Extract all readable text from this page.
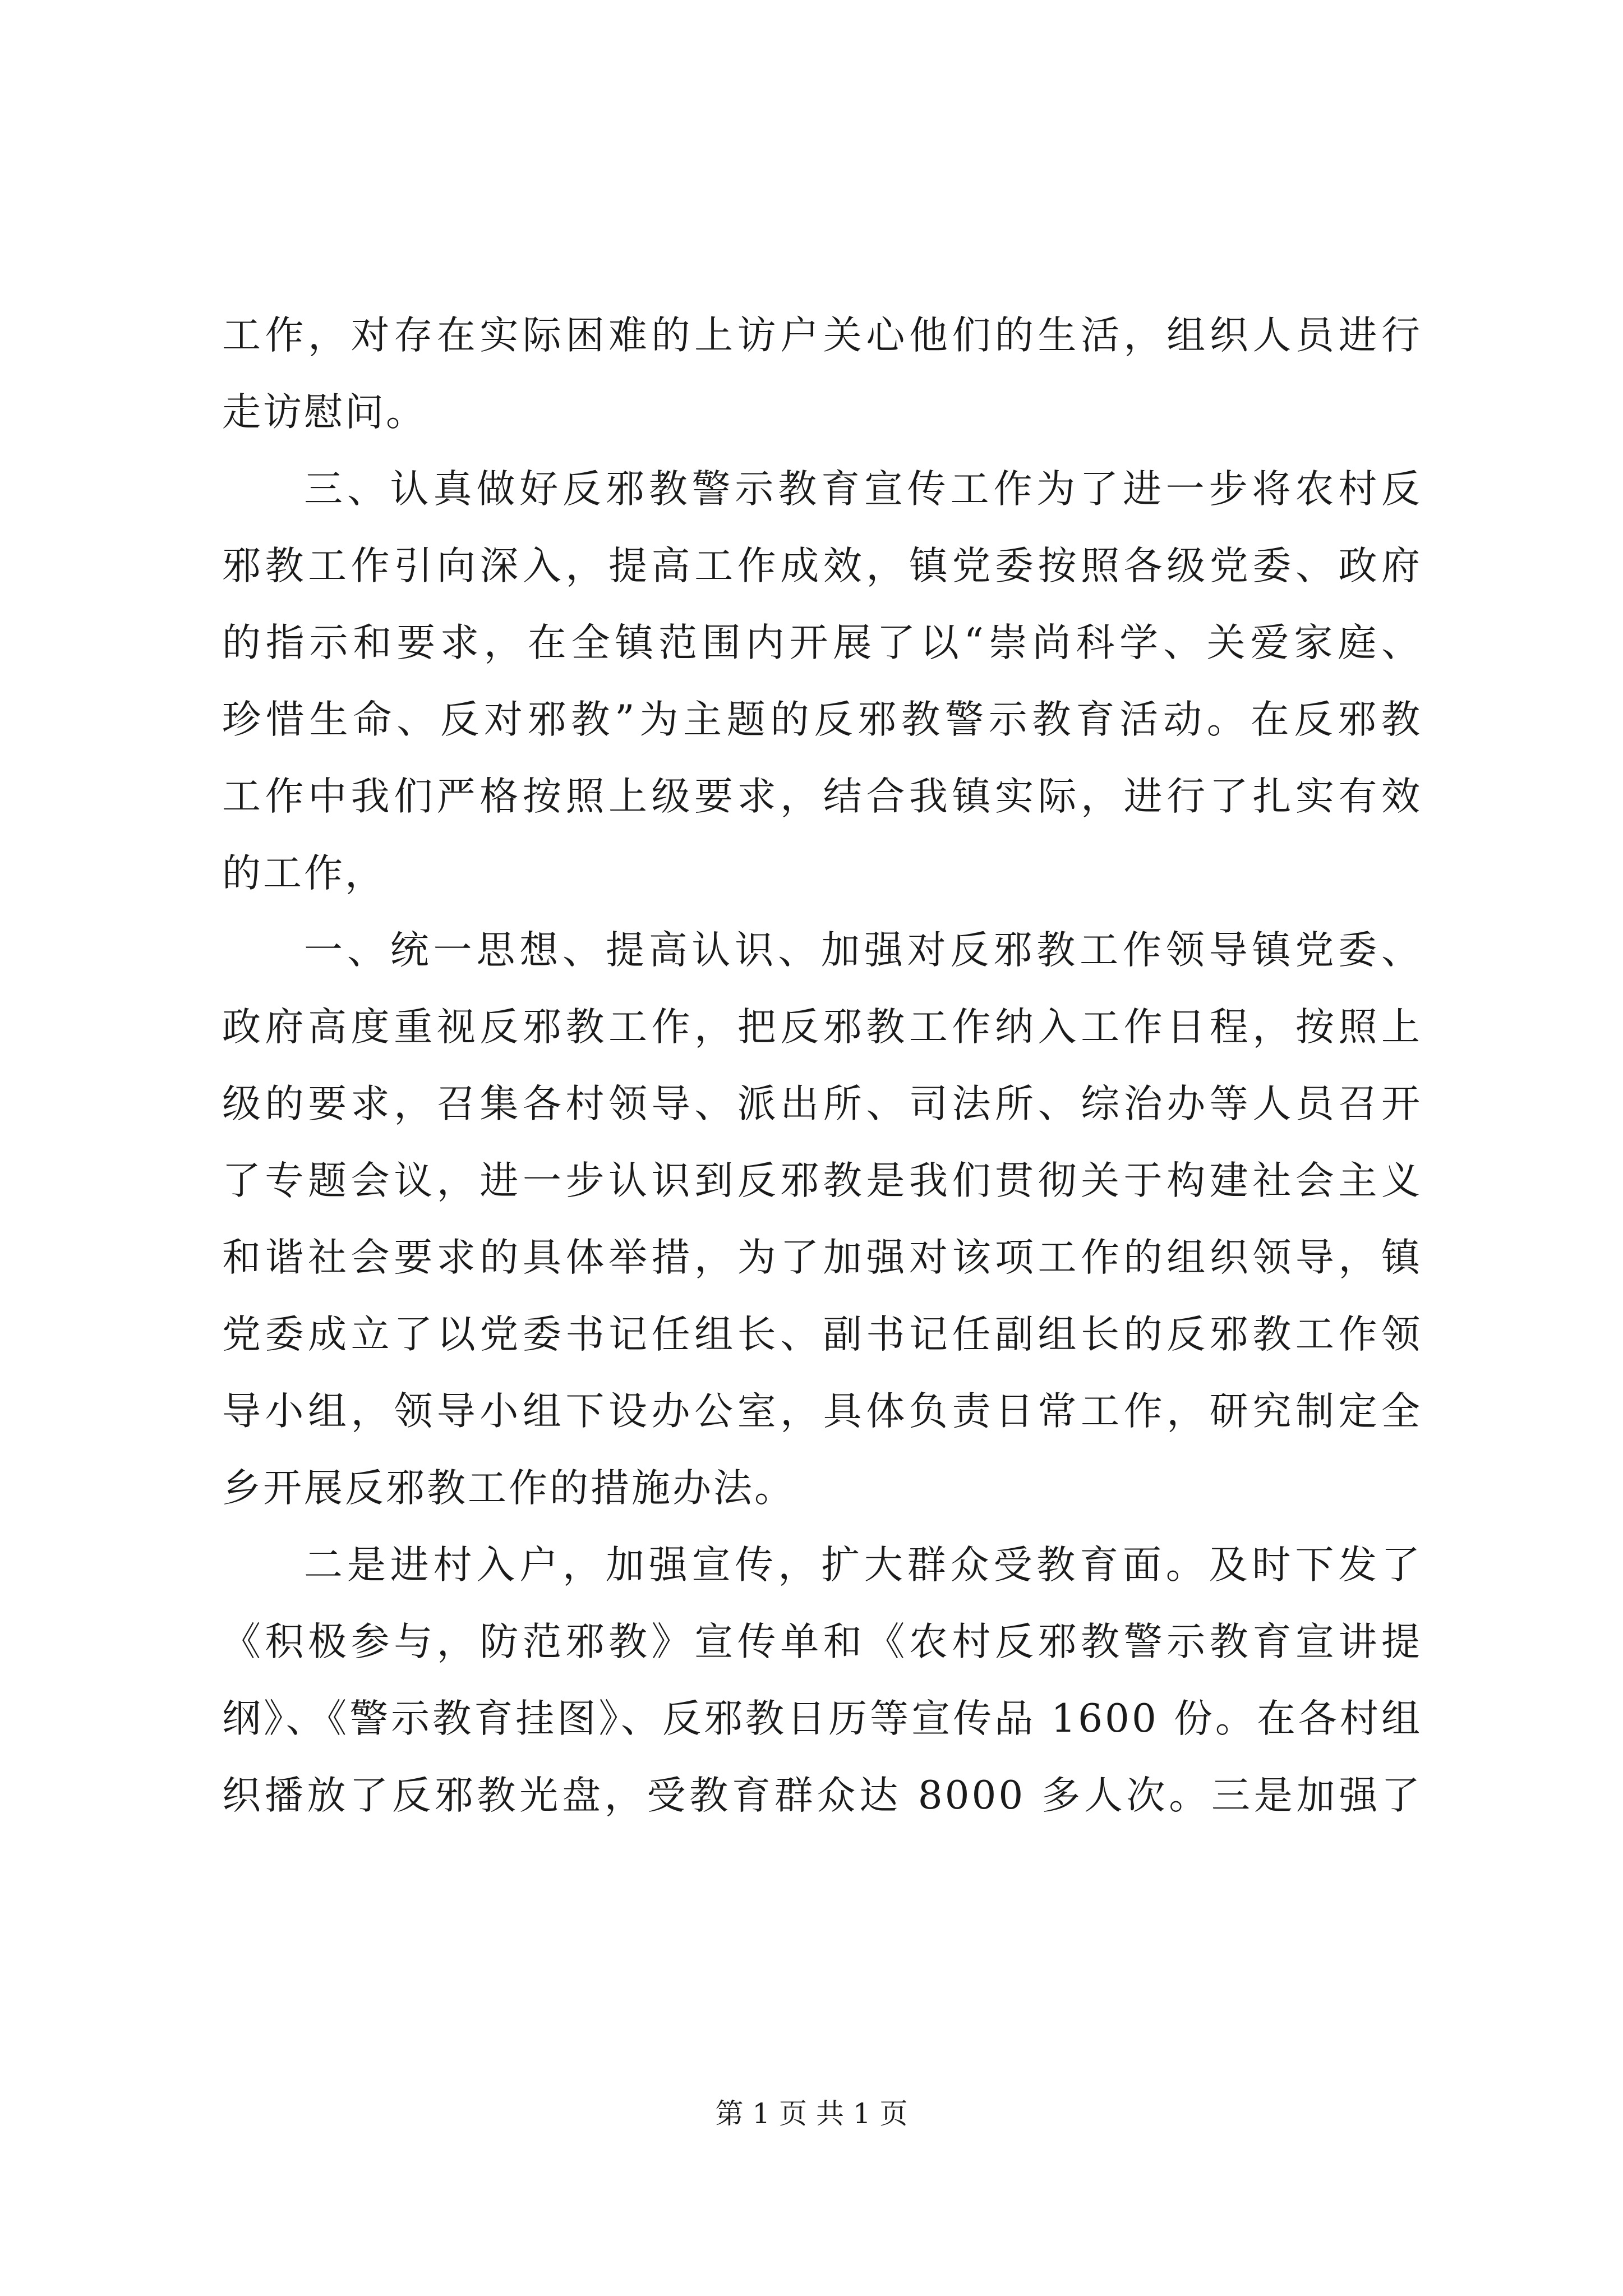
工作，对存在实际困难的上访户关心他们的生活，组织人员进行
走访慰问。
三、认真做好反邪教警示教育宣传工作为了进一步将农村反
邪教工作引向深入，提高工作成效，镇党委按照各级党委、政府
的指示和要求，在全镇范围内开展了以“崇尚科学、关爱家庭、
珍惜生命、反对邪教”为主题的反邪教警示教育活动。在反邪教
工作中我们严格按照上级要求，结合我镇实际，进行了扎实有效
的工作，
一、统一思想、提高认识、加强对反邪教工作领导镇党委、
政府高度重视反邪教工作，把反邪教工作纳入工作日程，按照上
级的要求，召集各村领导、派出所、司法所、综治办等人员召开
了专题会议，进一步认识到反邪教是我们贯彻关于构建社会主义
和谐社会要求的具体举措，为了加强对该项工作的组织领导，镇
党委成立了以党委书记任组长、副书记任副组长的反邪教工作领
导小组，领导小组下设办公室，具体负责日常工作，研究制定全
乡开展反邪教工作的措施办法。
二是进村入户，加强宣传，扩大群众受教育面。及时下发了
《积极参与，防范邪教》宣传单和《农村反邪教警示教育宣讲提
纲》、《警示教育挂图》、反邪教日历等宣传品 1600 份。在各村组
织播放了反邪教光盘，受教育群众达 8000 多人次。三是加强了
第 1 页 共 1 页
